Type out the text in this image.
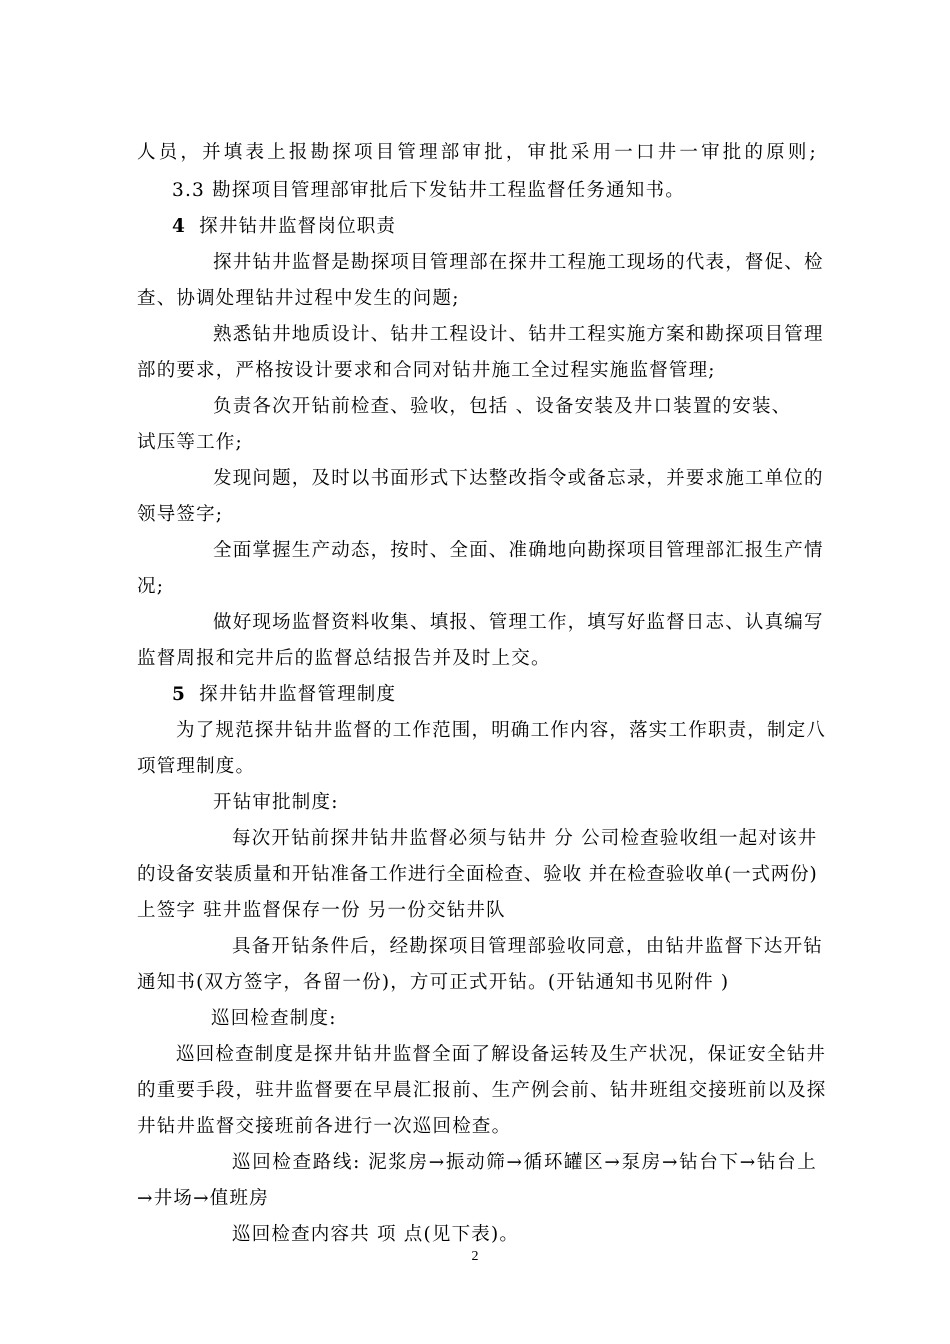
人员，并填表上报勘探项目管理部审批，审批采用一口井一审批的原则;
3.3 勘探项目管理部审批后下发钻井工程监督任务通知书。
4 探井钻井监督岗位职责
探井钻井监督是勘探项目管理部在探井工程施工现场的代表，督促、检
查、协调处理钻井过程中发生的问题;
熟悉钻井地质设计、钻井工程设计、钻井工程实施方案和勘探项目管理
部的要求，严格按设计要求和合同对钻井施工全过程实施监督管理;
负责各次开钻前检查、验收，包括 、设备安装及井口装置的安装、
试压等工作;
发现问题，及时以书面形式下达整改指令或备忘录，并要求施工单位的
领导签字;
全面掌握生产动态，按时、全面、准确地向勘探项目管理部汇报生产情
况;
做好现场监督资料收集、填报、管理工作，填写好监督日志、认真编写
监督周报和完井后的监督总结报告并及时上交。
5 探井钻井监督管理制度
为了规范探井钻井监督的工作范围，明确工作内容，落实工作职责，制定八
项管理制度。
开钻审批制度:
每次开钻前探井钻井监督必须与钻井 分 公司检查验收组一起对该井
的设备安装质量和开钻准备工作进行全面检查、验收 并在检查验收单(一式两份)
上签字 驻井监督保存一份 另一份交钻井队
具备开钻条件后，经勘探项目管理部验收同意，由钻井监督下达开钻
通知书(双方签字，各留一份)，方可正式开钻。(开钻通知书见附件 )
巡回检查制度:
巡回检查制度是探井钻井监督全面了解设备运转及生产状况，保证安全钻井
的重要手段，驻井监督要在早晨汇报前、生产例会前、钻井班组交接班前以及探
井钻井监督交接班前各进行一次巡回检查。
巡回检查路线: 泥浆房→振动筛→循环罐区→泵房→钻台下→钻台上
→井场→值班房
巡回检查内容共 项 点(见下表)。
2
